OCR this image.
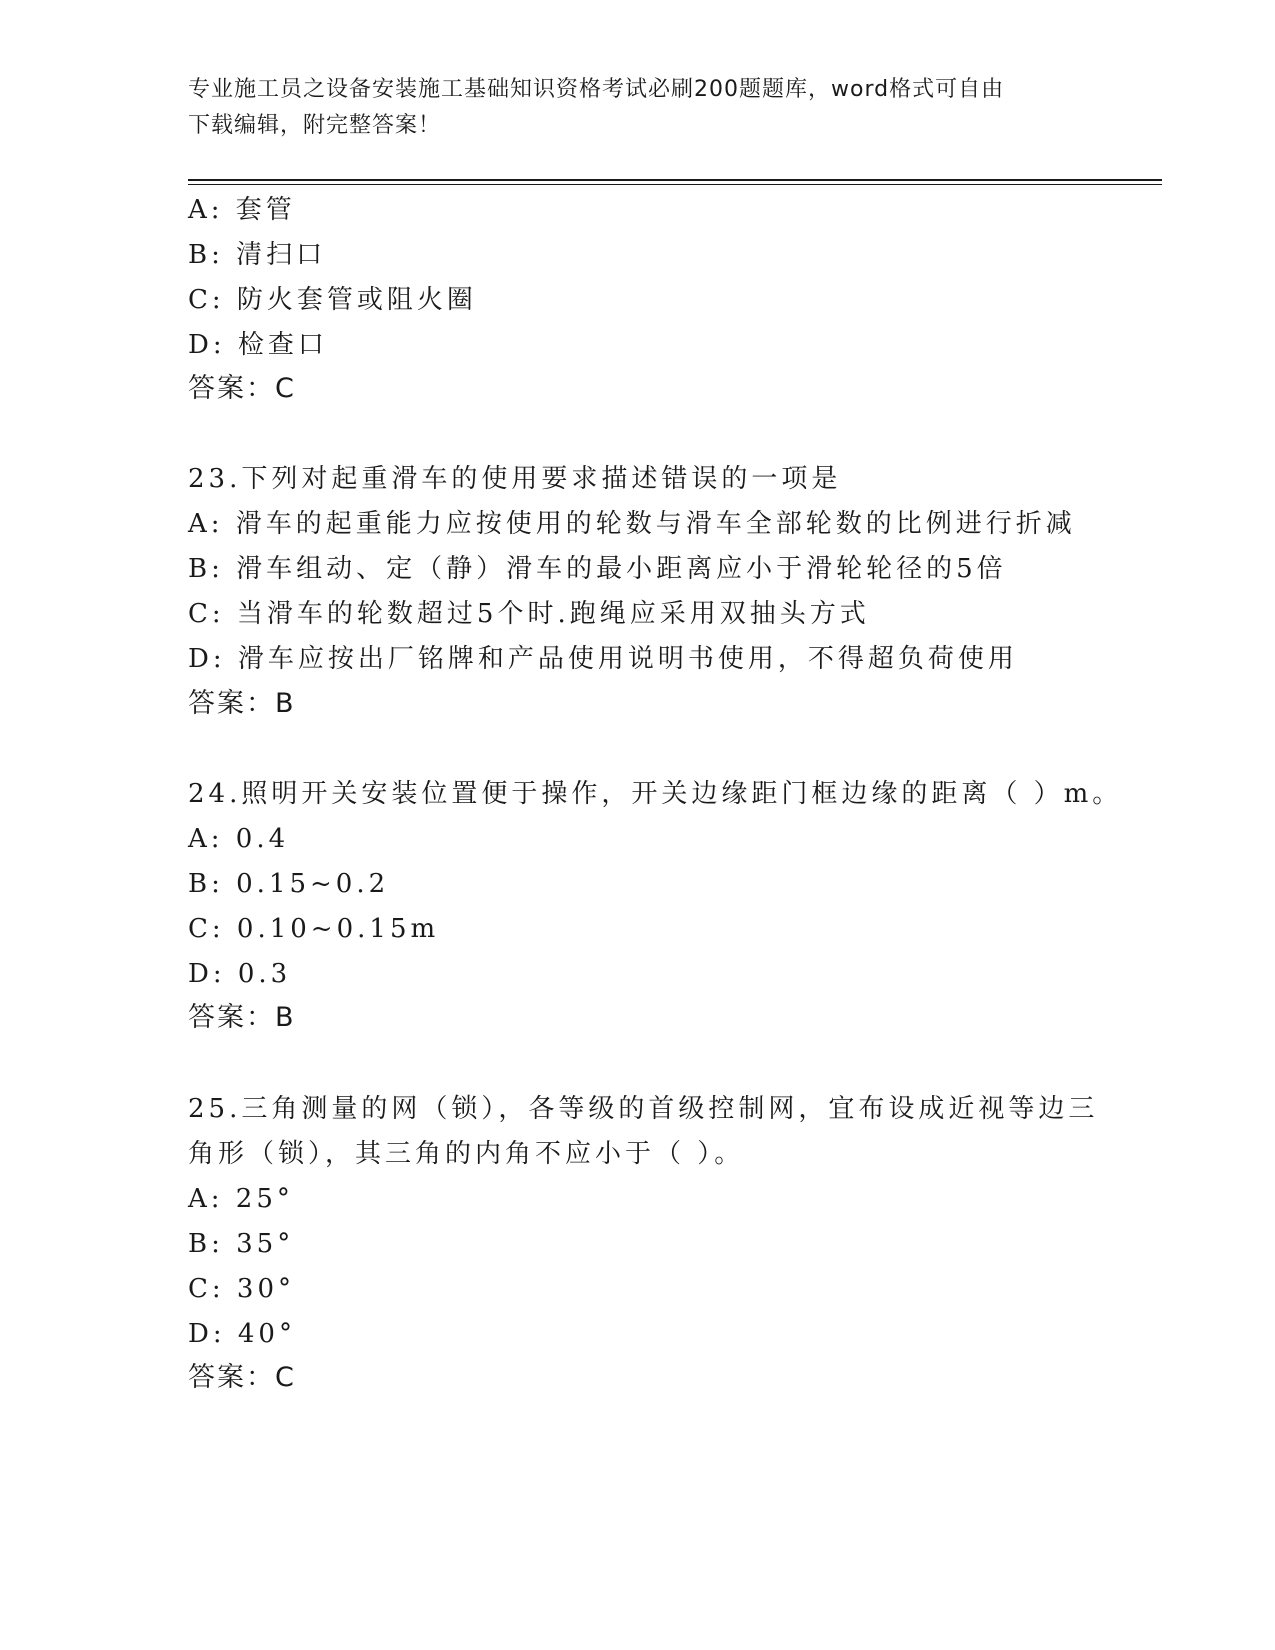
专业施工员之设备安装施工基础知识资格考试必刷200题题库，word格式可自由
下载编辑，附完整答案！
A: 套管
B: 清扫口
C: 防火套管或阻火圈
D: 检查口
答案：C
23.下列对起重滑车的使用要求描述错误的一项是
A: 滑车的起重能力应按使用的轮数与滑车全部轮数的比例进行折减
B: 滑车组动、定（静）滑车的最小距离应小于滑轮轮径的5倍
C: 当滑车的轮数超过5个时.跑绳应采用双抽头方式
D: 滑车应按出厂铭牌和产品使用说明书使用，不得超负荷使用
答案：B
24.照明开关安装位置便于操作，开关边缘距门框边缘的距离（ ）m。
A: 0.4
B: 0.15~0.2
C: 0.10~0.15m
D: 0.3
答案：B
25.三角测量的网（锁），各等级的首级控制网，宜布设成近视等边三
角形（锁），其三角的内角不应小于（ ）。
A: 25°
B: 35°
C: 30°
D: 40°
答案：C
